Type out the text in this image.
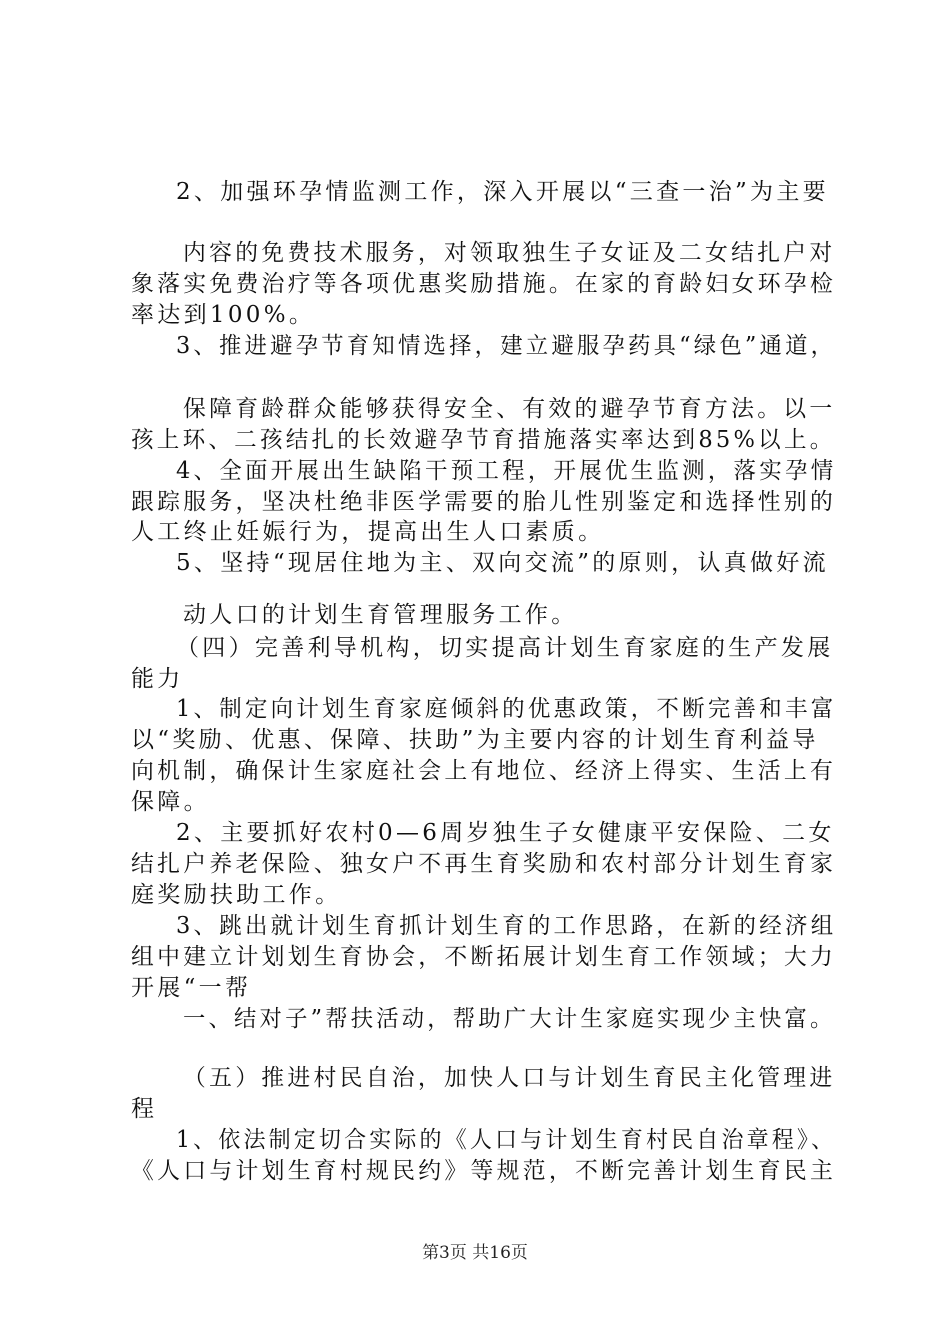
2、加强环孕情监测工作，深入开展以“三查一治”为主要
内容的免费技术服务，对领取独生子女证及二女结扎户对
象落实免费治疗等各项优惠奖励措施。在家的育龄妇女环孕检
率达到100%。
3、推进避孕节育知情选择，建立避服孕药具“绿色”通道，
保障育龄群众能够获得安全、有效的避孕节育方法。以一
孩上环、二孩结扎的长效避孕节育措施落实率达到85%以上。
4、全面开展出生缺陷干预工程，开展优生监测，落实孕情
跟踪服务，坚决杜绝非医学需要的胎儿性别鉴定和选择性别的
人工终止妊娠行为，提高出生人口素质。
5、坚持“现居住地为主、双向交流”的原则，认真做好流
动人口的计划生育管理服务工作。
（四）完善利导机构，切实提高计划生育家庭的生产发展
能力
1、制定向计划生育家庭倾斜的优惠政策，不断完善和丰富
以“奖励、优惠、保障、扶助”为主要内容的计划生育利益导
向机制，确保计生家庭社会上有地位、经济上得实、生活上有
保障。
2、主要抓好农村0—6周岁独生子女健康平安保险、二女
结扎户养老保险、独女户不再生育奖励和农村部分计划生育家
庭奖励扶助工作。
3、跳出就计划生育抓计划生育的工作思路，在新的经济组
组中建立计划划生育协会，不断拓展计划生育工作领域；大力
开展“一帮
一、结对子”帮扶活动，帮助广大计生家庭实现少主快富。
（五）推进村民自治，加快人口与计划生育民主化管理进
程
1、依法制定切合实际的《人口与计划生育村民自治章程》、
《人口与计划生育村规民约》等规范，不断完善计划生育民主
第3页 共16页
